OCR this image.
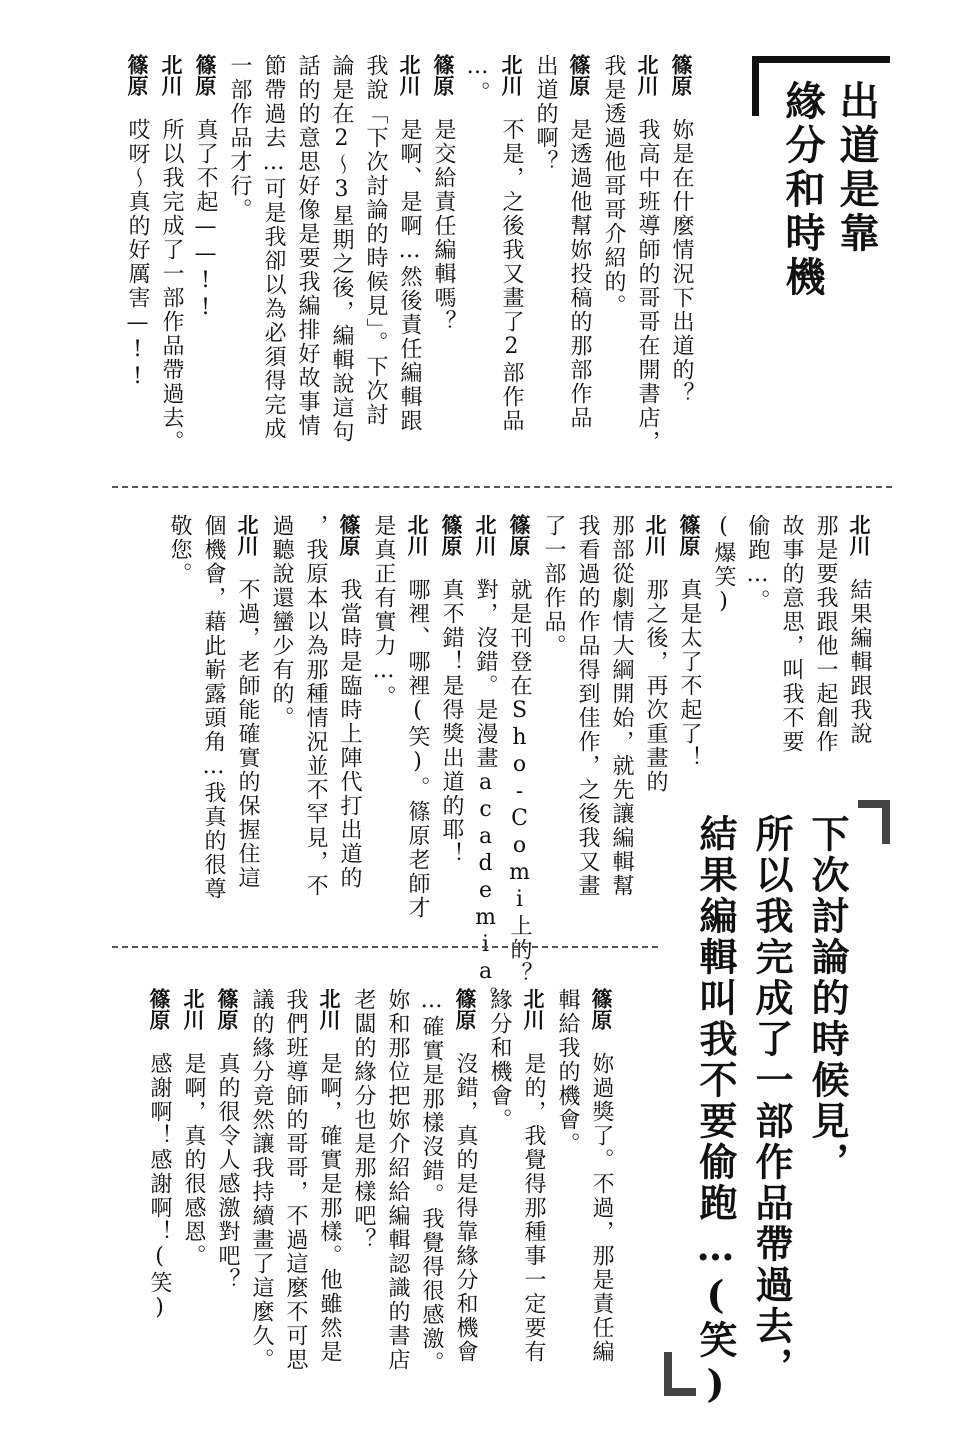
出道是靠
緣分和時機
篠原
妳是在什麼情況下出道的？
北川
我高中班導師的哥哥在開書店，
我是透過他哥哥介紹的。
篠原
是透過他幫妳投稿的那部作品
出道的啊？
北川
不是，之後我又畫了2部作品
…。
篠原
是交給責任編輯嗎？
北川
是啊、是啊…然後責任編輯跟
我說「下次討論的時候見」。下次討
論是在2～3星期之後，編輯說這句
話的的意思好像是要我編排好故事情
節帶過去…可是我卻以為必須得完成
一部作品才行。
篠原
真了不起——!!
北川
所以我完成了一部作品帶過去。
篠原
哎呀～真的好厲害—!!
北川
結果編輯跟我說
那是要我跟他一起創作
故事的意思，叫我不要
偷跑…。
(爆笑)
篠原
真是太了不起了！
北川
那之後，再次重畫的
那部從劇情大綱開始，就先讓編輯幫
我看過的作品得到佳作，之後我又畫
了一部作品。
篠原
就是刊登在Sho-Comi上的？
北川
對，沒錯。是漫畫academia。
篠原
真不錯！是得獎出道的耶！
北川
哪裡、哪裡(笑)。篠原老師才
是真正有實力…。
篠原
我當時是臨時上陣代打出道的
，我原本以為那種情況並不罕見，不
過聽說還蠻少有的。
北川
不過，老師能確實的保握住這
個機會，藉此嶄露頭角…我真的很尊
敬您。
下次討論的時候見，
所以我完成了一部作品帶過去，
結果編輯叫我不要偷跑…(笑)
篠原
妳過獎了。不過，那是責任編
輯給我的機會。
北川
是的，我覺得那種事一定要有
緣分和機會。
篠原
沒錯，真的是得靠緣分和機會
…確實是那樣沒錯。我覺得很感激。
妳和那位把妳介紹給編輯認識的書店
老闆的緣分也是那樣吧？
北川
是啊，確實是那樣。他雖然是
我們班導師的哥哥，不過這麼不可思
議的緣分竟然讓我持續畫了這麼久。
篠原
真的很令人感激對吧？
北川
是啊，真的很感恩。
篠原
感謝啊！感謝啊！(笑)
